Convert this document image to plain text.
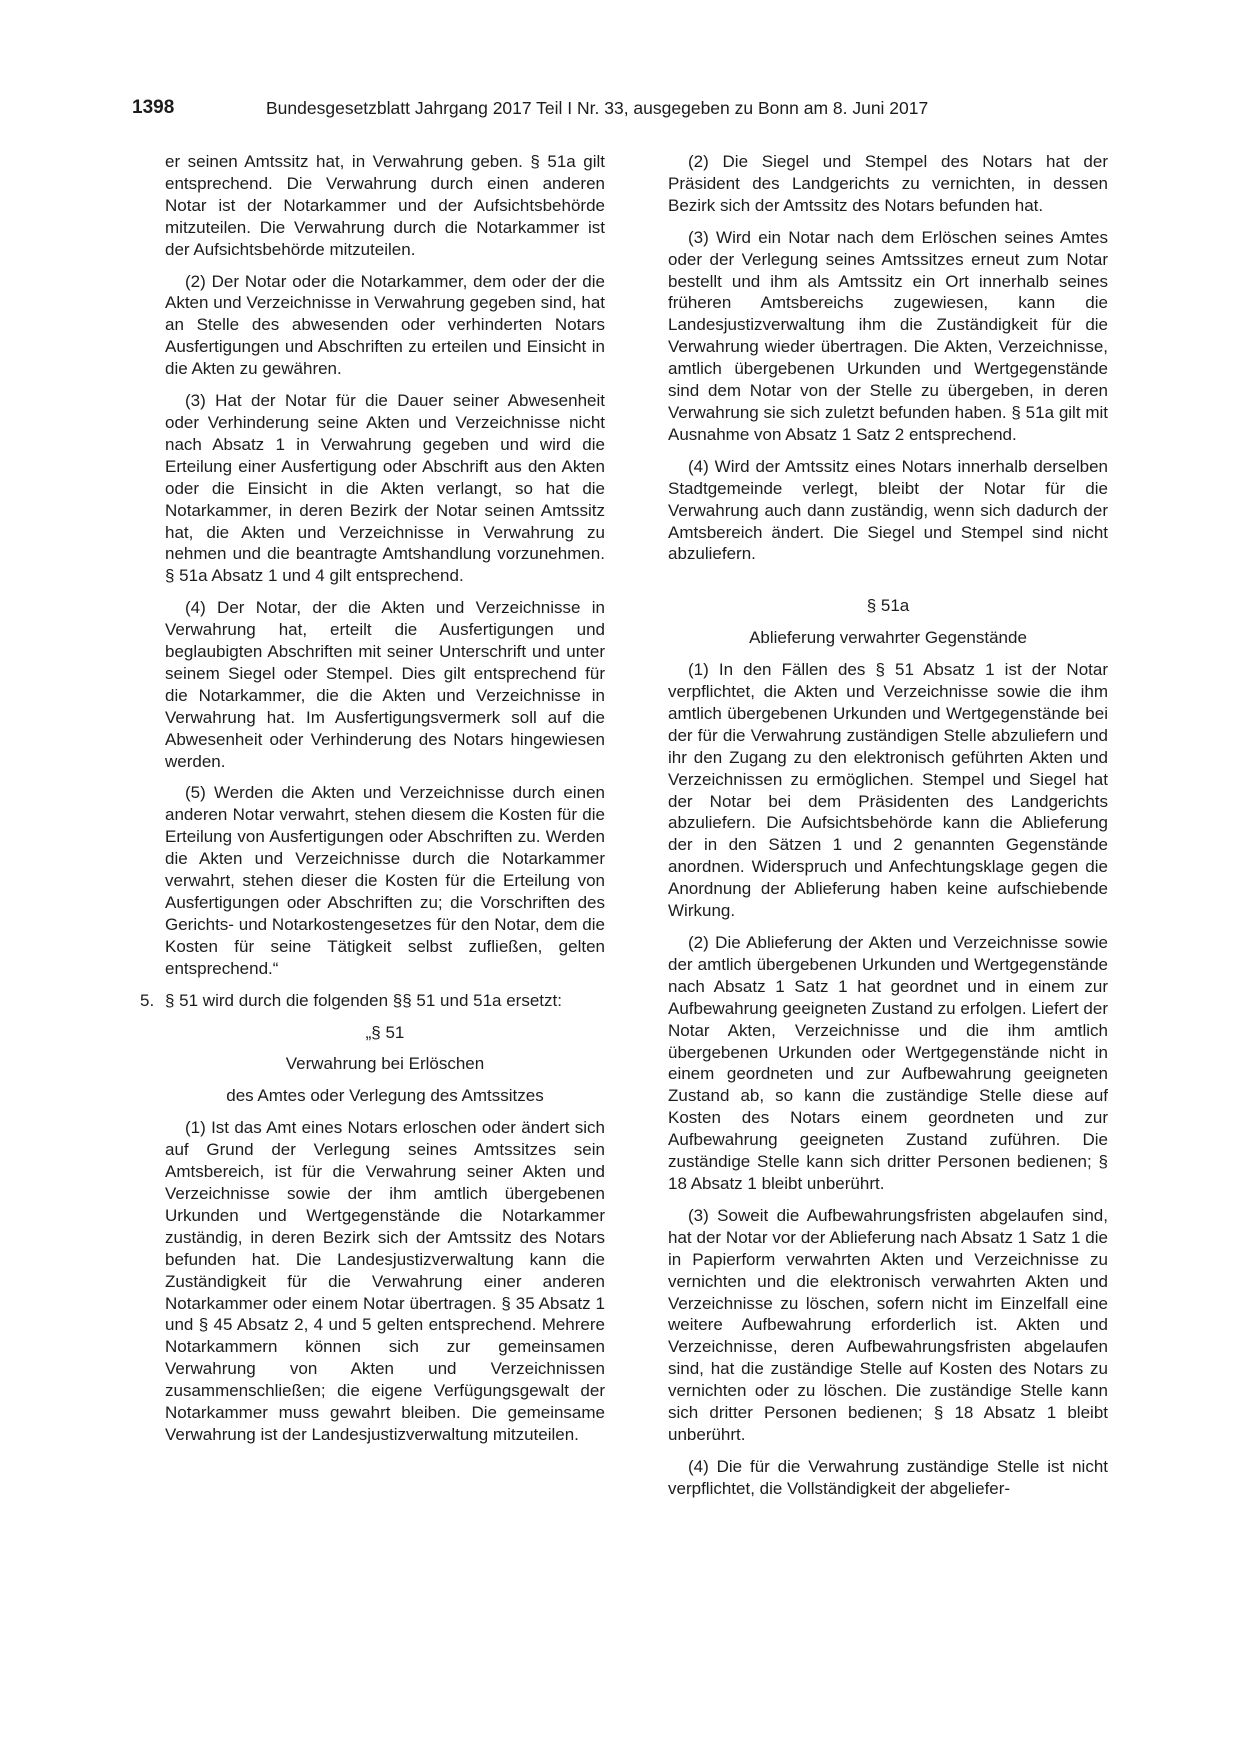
1398	Bundesgesetzblatt Jahrgang 2017 Teil I Nr. 33, ausgegeben zu Bonn am 8. Juni 2017

er seinen Amtssitz hat, in Verwahrung geben. § 51a gilt entsprechend. Die Verwahrung durch einen anderen Notar ist der Notarkammer und der Aufsichtsbehörde mitzuteilen. Die Verwahrung durch die Notarkammer ist der Aufsichtsbehörde mitzuteilen.

(2) Der Notar oder die Notarkammer, dem oder der die Akten und Verzeichnisse in Verwahrung gegeben sind, hat an Stelle des abwesenden oder verhinderten Notars Ausfertigungen und Abschriften zu erteilen und Einsicht in die Akten zu gewähren.

(3) Hat der Notar für die Dauer seiner Abwesenheit oder Verhinderung seine Akten und Verzeichnisse nicht nach Absatz 1 in Verwahrung gegeben und wird die Erteilung einer Ausfertigung oder Abschrift aus den Akten oder die Einsicht in die Akten verlangt, so hat die Notarkammer, in deren Bezirk der Notar seinen Amtssitz hat, die Akten und Verzeichnisse in Verwahrung zu nehmen und die beantragte Amtshandlung vorzunehmen. § 51a Absatz 1 und 4 gilt entsprechend.

(4) Der Notar, der die Akten und Verzeichnisse in Verwahrung hat, erteilt die Ausfertigungen und beglaubigten Abschriften mit seiner Unterschrift und unter seinem Siegel oder Stempel. Dies gilt entsprechend für die Notarkammer, die die Akten und Verzeichnisse in Verwahrung hat. Im Ausfertigungsvermerk soll auf die Abwesenheit oder Verhinderung des Notars hingewiesen werden.

(5) Werden die Akten und Verzeichnisse durch einen anderen Notar verwahrt, stehen diesem die Kosten für die Erteilung von Ausfertigungen oder Abschriften zu. Werden die Akten und Verzeichnisse durch die Notarkammer verwahrt, stehen dieser die Kosten für die Erteilung von Ausfertigungen oder Abschriften zu; die Vorschriften des Gerichts- und Notarkostengesetzes für den Notar, dem die Kosten für seine Tätigkeit selbst zufließen, gelten entsprechend.“

5. § 51 wird durch die folgenden §§ 51 und 51a ersetzt:

„§ 51

Verwahrung bei Erlöschen

des Amtes oder Verlegung des Amtssitzes

(1) Ist das Amt eines Notars erloschen oder ändert sich auf Grund der Verlegung seines Amtssitzes sein Amtsbereich, ist für die Verwahrung seiner Akten und Verzeichnisse sowie der ihm amtlich übergebenen Urkunden und Wertgegenstände die Notarkammer zuständig, in deren Bezirk sich der Amtssitz des Notars befunden hat. Die Landesjustizverwaltung kann die Zuständigkeit für die Verwahrung einer anderen Notarkammer oder einem Notar übertragen. § 35 Absatz 1 und § 45 Absatz 2, 4 und 5 gelten entsprechend. Mehrere Notarkammern können sich zur gemeinsamen Verwahrung von Akten und Verzeichnissen zusammenschließen; die eigene Verfügungsgewalt der Notarkammer muss gewahrt bleiben. Die gemeinsame Verwahrung ist der Landesjustizverwaltung mitzuteilen.

(2) Die Siegel und Stempel des Notars hat der Präsident des Landgerichts zu vernichten, in dessen Bezirk sich der Amtssitz des Notars befunden hat.

(3) Wird ein Notar nach dem Erlöschen seines Amtes oder der Verlegung seines Amtssitzes erneut zum Notar bestellt und ihm als Amtssitz ein Ort innerhalb seines früheren Amtsbereichs zugewiesen, kann die Landesjustizverwaltung ihm die Zuständigkeit für die Verwahrung wieder übertragen. Die Akten, Verzeichnisse, amtlich übergebenen Urkunden und Wertgegenstände sind dem Notar von der Stelle zu übergeben, in deren Verwahrung sie sich zuletzt befunden haben. § 51a gilt mit Ausnahme von Absatz 1 Satz 2 entsprechend.

(4) Wird der Amtssitz eines Notars innerhalb derselben Stadtgemeinde verlegt, bleibt der Notar für die Verwahrung auch dann zuständig, wenn sich dadurch der Amtsbereich ändert. Die Siegel und Stempel sind nicht abzuliefern.

§ 51a

Ablieferung verwahrter Gegenstände

(1) In den Fällen des § 51 Absatz 1 ist der Notar verpflichtet, die Akten und Verzeichnisse sowie die ihm amtlich übergebenen Urkunden und Wertgegenstände bei der für die Verwahrung zuständigen Stelle abzuliefern und ihr den Zugang zu den elektronisch geführten Akten und Verzeichnissen zu ermöglichen. Stempel und Siegel hat der Notar bei dem Präsidenten des Landgerichts abzuliefern. Die Aufsichtsbehörde kann die Ablieferung der in den Sätzen 1 und 2 genannten Gegenstände anordnen. Widerspruch und Anfechtungsklage gegen die Anordnung der Ablieferung haben keine aufschiebende Wirkung.

(2) Die Ablieferung der Akten und Verzeichnisse sowie der amtlich übergebenen Urkunden und Wertgegenstände nach Absatz 1 Satz 1 hat geordnet und in einem zur Aufbewahrung geeigneten Zustand zu erfolgen. Liefert der Notar Akten, Verzeichnisse und die ihm amtlich übergebenen Urkunden oder Wertgegenstände nicht in einem geordneten und zur Aufbewahrung geeigneten Zustand ab, so kann die zuständige Stelle diese auf Kosten des Notars einem geordneten und zur Aufbewahrung geeigneten Zustand zuführen. Die zuständige Stelle kann sich dritter Personen bedienen; § 18 Absatz 1 bleibt unberührt.

(3) Soweit die Aufbewahrungsfristen abgelaufen sind, hat der Notar vor der Ablieferung nach Absatz 1 Satz 1 die in Papierform verwahrten Akten und Verzeichnisse zu vernichten und die elektronisch verwahrten Akten und Verzeichnisse zu löschen, sofern nicht im Einzelfall eine weitere Aufbewahrung erforderlich ist. Akten und Verzeichnisse, deren Aufbewahrungsfristen abgelaufen sind, hat die zuständige Stelle auf Kosten des Notars zu vernichten oder zu löschen. Die zuständige Stelle kann sich dritter Personen bedienen; § 18 Absatz 1 bleibt unberührt.

(4) Die für die Verwahrung zuständige Stelle ist nicht verpflichtet, die Vollständigkeit der abgeliefer-
